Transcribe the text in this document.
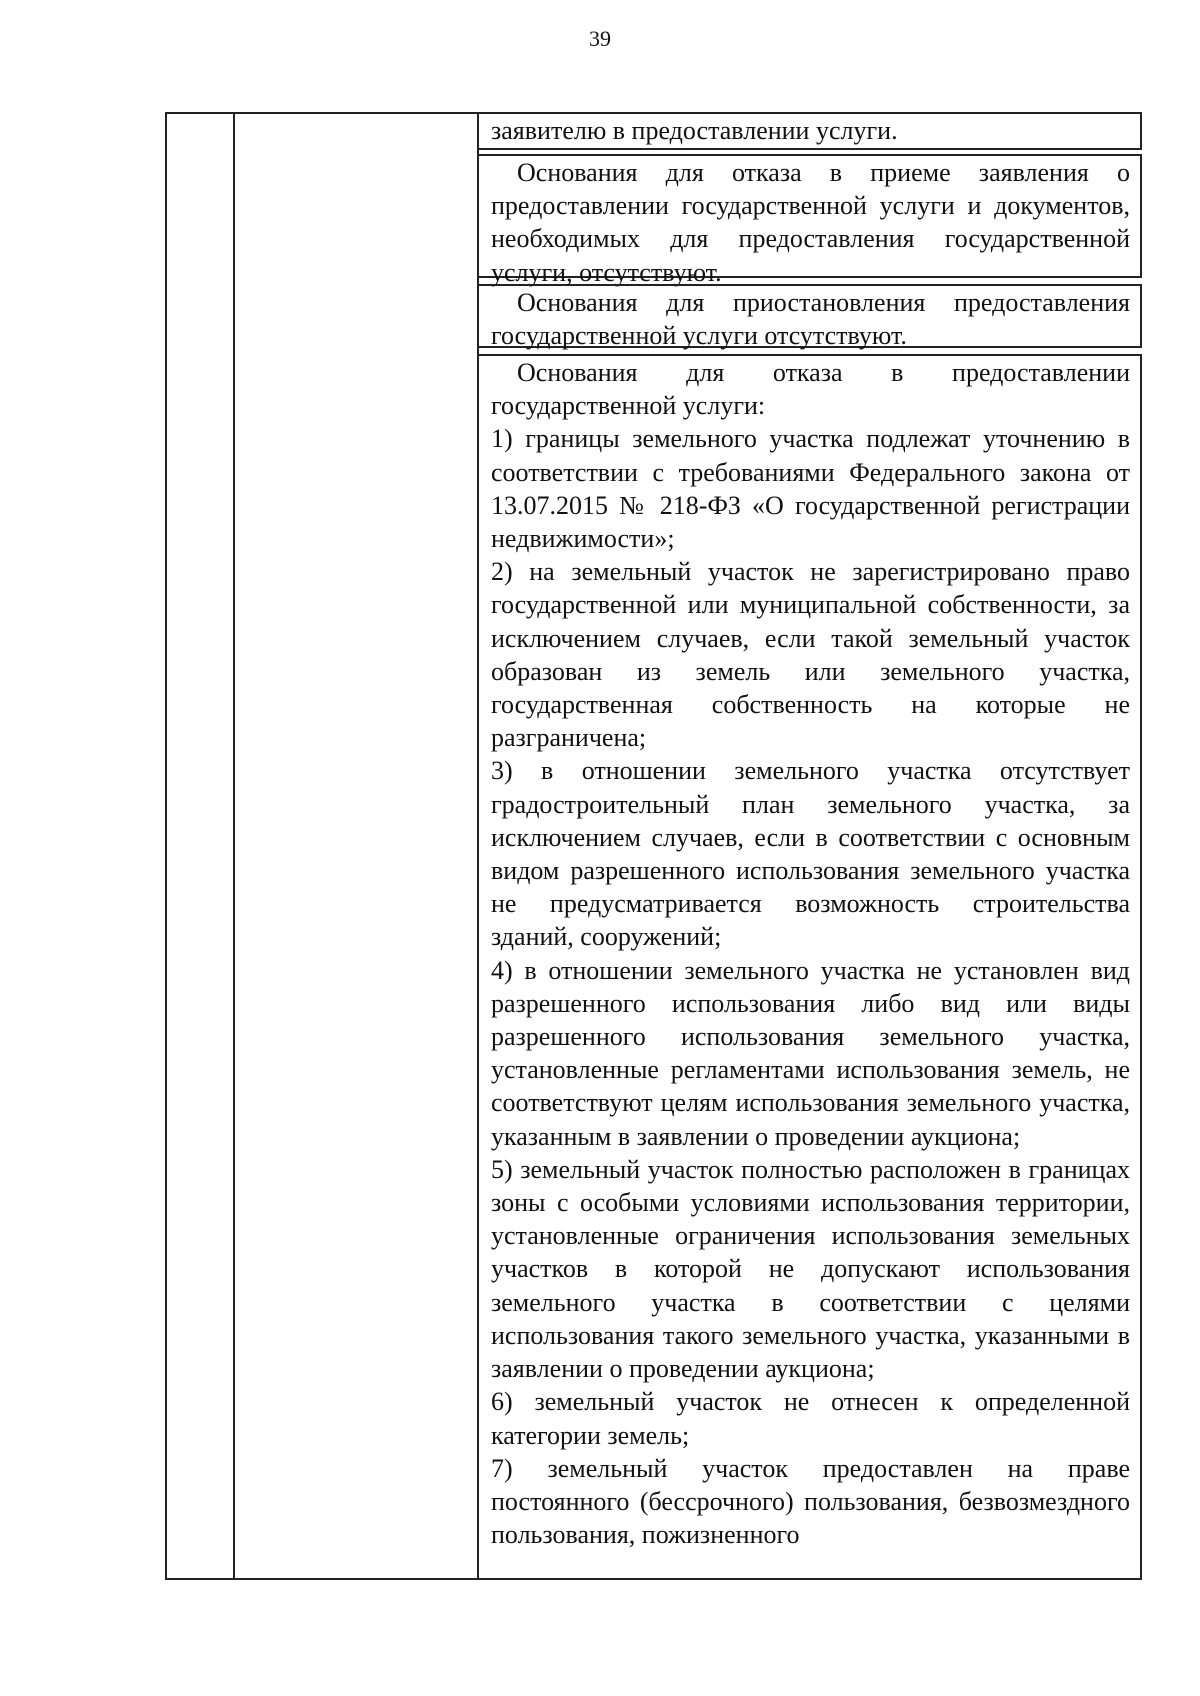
39

заявителю в предоставлении услуги.

Основания для отказа в приеме заявления о предоставлении государственной услуги и документов, необходимых для предоставления государственной услуги, отсутствуют.

Основания для приостановления предоставления государственной услуги отсутствуют.

Основания для отказа в предоставлении государственной услуги:

1) границы земельного участка подлежат уточнению в соответствии с требованиями Федерального закона от 13.07.2015 № 218-ФЗ «О государственной регистрации недвижимости»;

2) на земельный участок не зарегистрировано право государственной или муниципальной собственности, за исключением случаев, если такой земельный участок образован из земель или земельного участка, государственная собственность на которые не разграничена;

3) в отношении земельного участка отсутствует градостроительный план земельного участка, за исключением случаев, если в соответствии с основным видом разрешенного использования земельного участка не предусматривается возможность строительства зданий, сооружений;

4) в отношении земельного участка не установлен вид разрешенного использования либо вид или виды разрешенного использования земельного участка, установленные регламентами использования земель, не соответствуют целям использования земельного участка, указанным в заявлении о проведении аукциона;

5) земельный участок полностью расположен в границах зоны с особыми условиями использования территории, установленные ограничения использования земельных участков в которой не допускают использования земельного участка в соответствии с целями использования такого земельного участка, указанными в заявлении о проведении аукциона;

6) земельный участок не отнесен к определенной категории земель;

7) земельный участок предоставлен на праве постоянного (бессрочного) пользования, безвозмездного пользования, пожизненного
